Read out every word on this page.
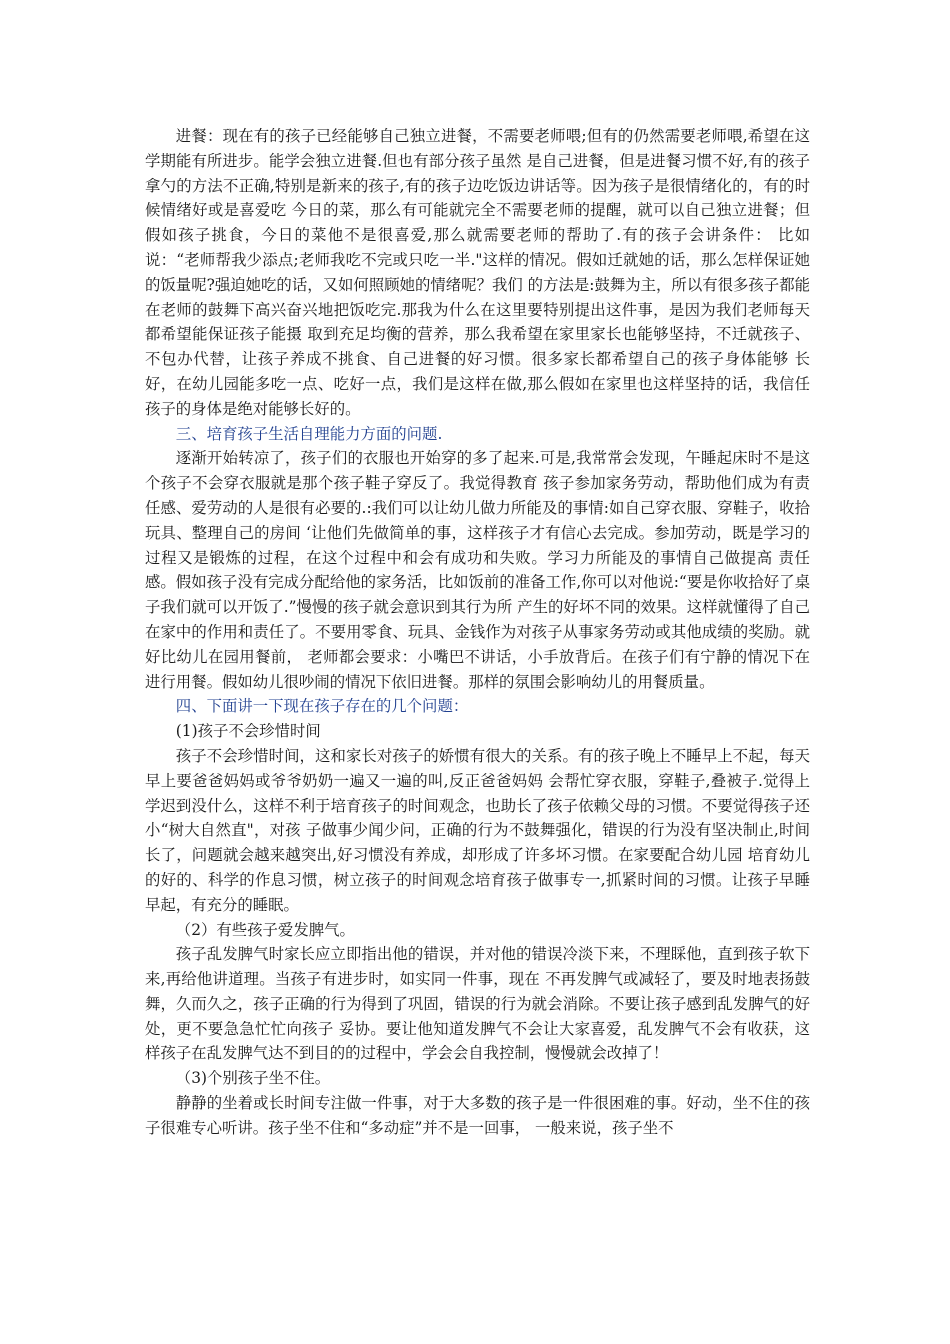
进餐：现在有的孩子已经能够自己独立进餐，不需要老师喂;但有的仍然需要老师喂,希望在这学期能有所进步。能学会独立进餐.但也有部分孩子虽然 是自己进餐，但是进餐习惯不好,有的孩子拿勺的方法不正确,特别是新来的孩子,有的孩子边吃饭边讲话等。因为孩子是很情绪化的，有的时候情绪好或是喜爱吃 今日的菜，那么有可能就完全不需要老师的提醒，就可以自己独立进餐；但假如孩子挑食，今日的菜他不是很喜爱,那么就需要老师的帮助了.有的孩子会讲条件： 比如说：“老师帮我少添点;老师我吃不完或只吃一半."这样的情况。假如迁就她的话，那么怎样保证她的饭量呢?强迫她吃的话，又如何照顾她的情绪呢？我们 的方法是:鼓舞为主，所以有很多孩子都能在老师的鼓舞下高兴奋兴地把饭吃完.那我为什么在这里要特别提出这件事，是因为我们老师每天都希望能保证孩子能摄 取到充足均衡的营养，那么我希望在家里家长也能够坚持，不迁就孩子、不包办代替，让孩子养成不挑食、自己进餐的好习惯。很多家长都希望自己的孩子身体能够 长好，在幼儿园能多吃一点、吃好一点，我们是这样在做,那么假如在家里也这样坚持的话，我信任孩子的身体是绝对能够长好的。

三、培育孩子生活自理能力方面的问题.

逐渐开始转凉了，孩子们的衣服也开始穿的多了起来.可是,我常常会发现，午睡起床时不是这个孩子不会穿衣服就是那个孩子鞋子穿反了。我觉得教育 孩子参加家务劳动，帮助他们成为有责任感、爱劳动的人是很有必要的.:我们可以让幼儿做力所能及的事情:如自己穿衣服、穿鞋子，收拾玩具、整理自己的房间 ‘让他们先做简单的事，这样孩子才有信心去完成。参加劳动，既是学习的过程又是锻炼的过程，在这个过程中和会有成功和失败。学习力所能及的事情自己做提高 责任感。假如孩子没有完成分配给他的家务活，比如饭前的准备工作,你可以对他说:“要是你收拾好了桌子我们就可以开饭了.”慢慢的孩子就会意识到其行为所 产生的好坏不同的效果。这样就懂得了自己在家中的作用和责任了。不要用零食、玩具、金钱作为对孩子从事家务劳动或其他成绩的奖励。就好比幼儿在园用餐前， 老师都会要求：小嘴巴不讲话，小手放背后。在孩子们有宁静的情况下在进行用餐。假如幼儿很吵闹的情况下依旧进餐。那样的氛围会影响幼儿的用餐质量。

四、下面讲一下现在孩子存在的几个问题：

(1)孩子不会珍惜时间

孩子不会珍惜时间，这和家长对孩子的娇惯有很大的关系。有的孩子晚上不睡早上不起，每天早上要爸爸妈妈或爷爷奶奶一遍又一遍的叫,反正爸爸妈妈 会帮忙穿衣服，穿鞋子,叠被子.觉得上学迟到没什么，这样不利于培育孩子的时间观念，也助长了孩子依赖父母的习惯。不要觉得孩子还小“树大自然直"，对孩 子做事少闻少问，正确的行为不鼓舞强化，错误的行为没有坚决制止,时间长了，问题就会越来越突出,好习惯没有养成，却形成了许多坏习惯。在家要配合幼儿园 培育幼儿的好的、科学的作息习惯，树立孩子的时间观念培育孩子做事专一,抓紧时间的习惯。让孩子早睡早起，有充分的睡眠。

（2）有些孩子爱发脾气。

孩子乱发脾气时家长应立即指出他的错误，并对他的错误冷淡下来，不理睬他，直到孩子软下来,再给他讲道理。当孩子有进步时，如实同一件事，现在 不再发脾气或减轻了，要及时地表扬鼓舞，久而久之，孩子正确的行为得到了巩固，错误的行为就会消除。不要让孩子感到乱发脾气的好处，更不要急急忙忙向孩子 妥协。要让他知道发脾气不会让大家喜爱，乱发脾气不会有收获，这样孩子在乱发脾气达不到目的的过程中，学会会自我控制，慢慢就会改掉了！

（3)个别孩子坐不住。

静静的坐着或长时间专注做一件事，对于大多数的孩子是一件很困难的事。好动，坐不住的孩子很难专心听讲。孩子坐不住和“多动症”并不是一回事， 一般来说，孩子坐不
